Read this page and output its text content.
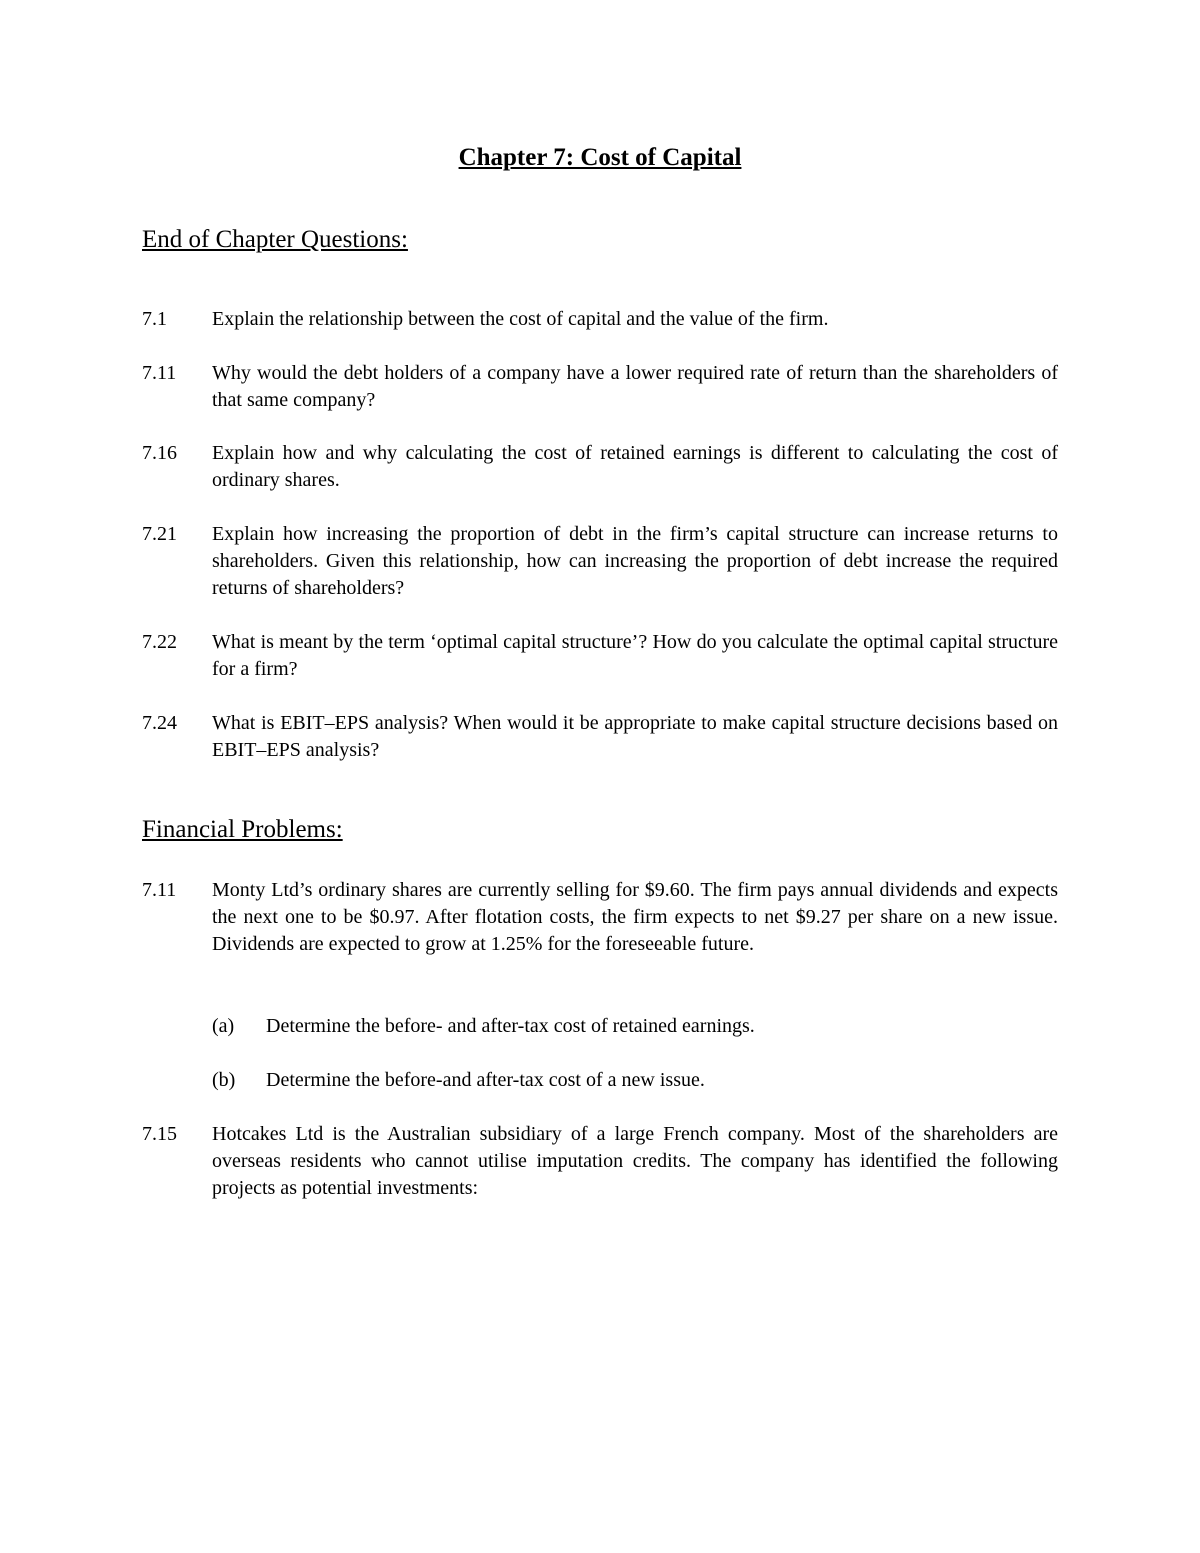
Chapter 7: Cost of Capital
End of Chapter Questions:
7.1 Explain the relationship between the cost of capital and the value of the firm.
7.11 Why would the debt holders of a company have a lower required rate of return than the shareholders of that same company?
7.16 Explain how and why calculating the cost of retained earnings is different to calculating the cost of ordinary shares.
7.21 Explain how increasing the proportion of debt in the firm’s capital structure can increase returns to shareholders. Given this relationship, how can increasing the proportion of debt increase the required returns of shareholders?
7.22 What is meant by the term ‘optimal capital structure’? How do you calculate the optimal capital structure for a firm?
7.24 What is EBIT–EPS analysis? When would it be appropriate to make capital structure decisions based on EBIT–EPS analysis?
Financial Problems:
7.11 Monty Ltd’s ordinary shares are currently selling for $9.60. The firm pays annual dividends and expects the next one to be $0.97. After flotation costs, the firm expects to net $9.27 per share on a new issue. Dividends are expected to grow at 1.25% for the foreseeable future.
(a) Determine the before- and after-tax cost of retained earnings.
(b) Determine the before-and after-tax cost of a new issue.
7.15 Hotcakes Ltd is the Australian subsidiary of a large French company. Most of the shareholders are overseas residents who cannot utilise imputation credits. The company has identified the following projects as potential investments:
